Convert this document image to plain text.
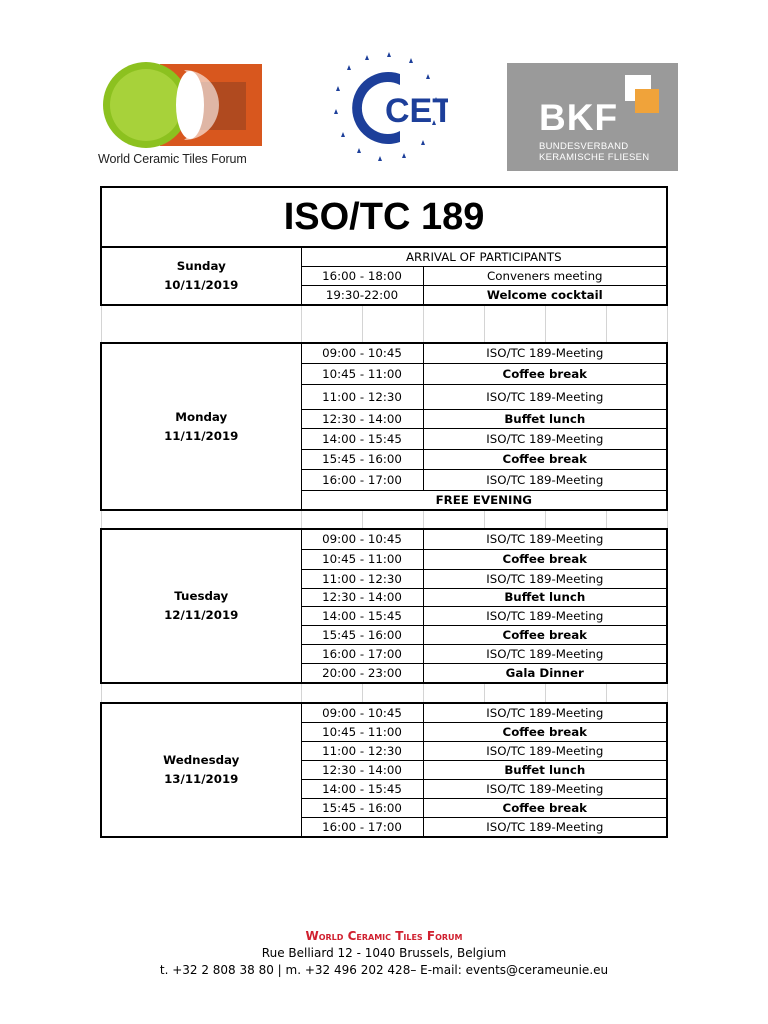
World Ceramic Tiles Forum
CET BKF
BUNDESVERBAND
KERAMISCHE FLIESEN
ISO/TC 189						

Sunday
10/11/2019	ARRIVAL OF PARTICIPANTS					
	16:00 - 18:00		Conveners meeting			
	19:30-22:00		Welcome cocktail			

Monday
11/11/2019	09:00 - 10:45		ISO/TC 189-Meeting			
	10:45 - 11:00		Coffee break			
	11:00 - 12:30		ISO/TC 189-Meeting			
	12:30 - 14:00		Buffet lunch			
	14:00 - 15:45		ISO/TC 189-Meeting			
	15:45 - 16:00		Coffee break			
	16:00 - 17:00		ISO/TC 189-Meeting			
	FREE EVENING					

Tuesday
12/11/2019	09:00 - 10:45		ISO/TC 189-Meeting			
	10:45 - 11:00		Coffee break			
	11:00 - 12:30		ISO/TC 189-Meeting			
	12:30 - 14:00		Buffet lunch			
	14:00 - 15:45		ISO/TC 189-Meeting			
	15:45 - 16:00		Coffee break			
	16:00 - 17:00		ISO/TC 189-Meeting			
	20:00 - 23:00		Gala Dinner			

Wednesday
13/11/2019	09:00 - 10:45		ISO/TC 189-Meeting			
	10:45 - 11:00		Coffee break			
	11:00 - 12:30		ISO/TC 189-Meeting			
	12:30 - 14:00		Buffet lunch			
	14:00 - 15:45		ISO/TC 189-Meeting			
	15:45 - 16:00		Coffee break			
	16:00 - 17:00		ISO/TC 189-Meeting			
World Ceramic Tiles Forum
Rue Belliard 12 - 1040 Brussels, Belgium
t. +32 2 808 38 80 | m. +32 496 202 428– E-mail: events@cerameunie.eu
